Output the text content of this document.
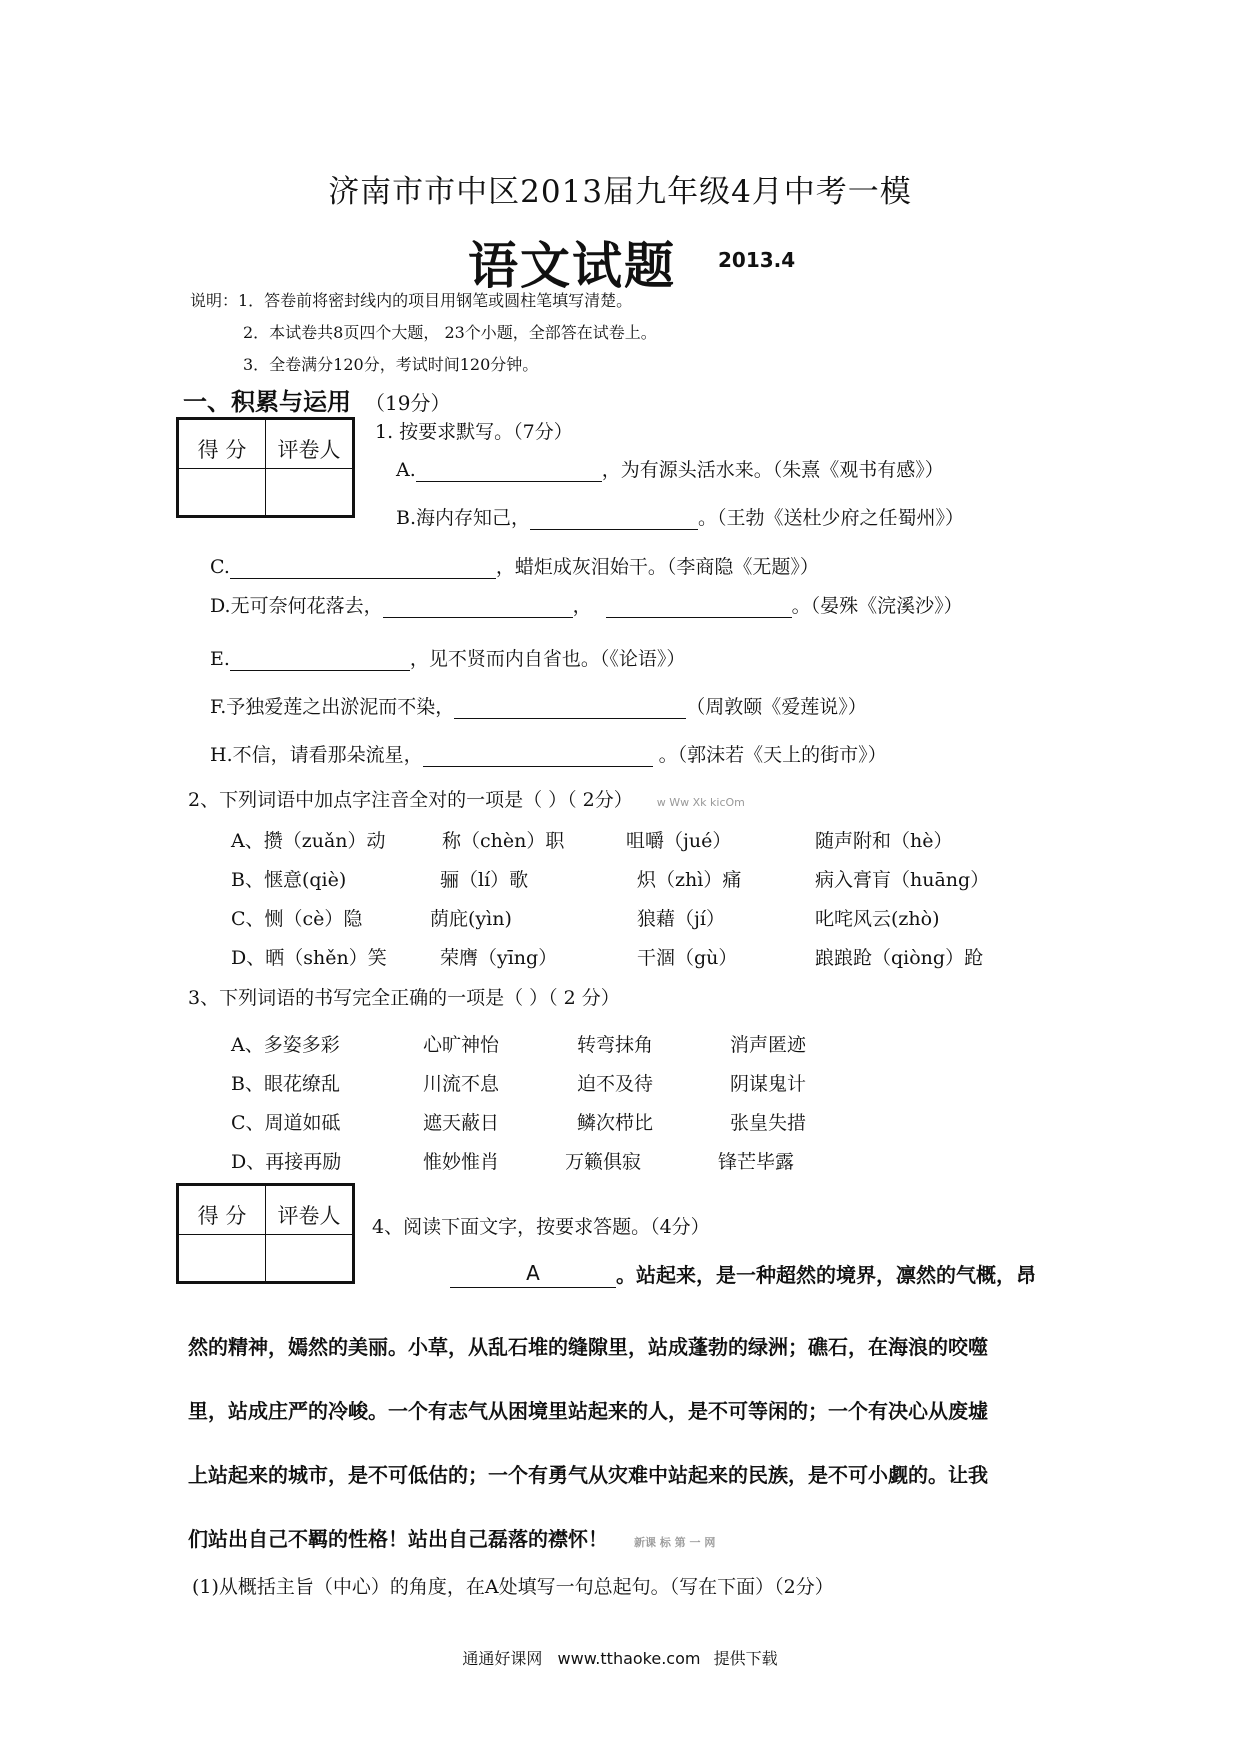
济南市市中区2013届九年级4月中考一模
语文试题 2013.4
说明：1．答卷前将密封线内的项目用钢笔或圆柱笔填写清楚。
2．本试卷共8页四个大题， 23个小题，全部答在试卷上。
3．全卷满分120分，考试时间120分钟。
一、积累与运用 （19分）
得 分	评卷人

1. 按要求默写。（7分）
A.	，为有源头活水来。（朱熹《观书有感》）
B.海内存知己，	。（王勃《送杜少府之任蜀州》）
C.	，蜡炬成灰泪始干。（李商隐《无题》）
D.无可奈何花落去，	，	。（晏殊《浣溪沙》）
E.	，见不贤而内自省也。（《论语》）
F.予独爱莲之出淤泥而不染，	（周敦颐《爱莲说》）
H.不信，请看那朵流星，	。（郭沫若《天上的街市》）
2、下列词语中加点字注音全对的一项是（ ）（ 2分） w Ww Xk kicOm
A、攒（zuǎn）动	称（chèn）职	咀嚼（jué）	随声附和（hè）
B、惬意(qiè)	骊（lí）歌	炽（zhì）痛	病入膏肓（huāng）
C、恻（cè）隐	荫庇(yìn)	狼藉（jí）	叱咤风云(zhò)
D、晒（shěn）笑	荣膺（yīng）	干涸（gù）	踉踉跄（qiòng）跄
3、下列词语的书写完全正确的一项是（ ）（ 2 分）
A、多姿多彩	心旷神怡	转弯抹角	消声匿迹
B、眼花缭乱	川流不息	迫不及待	阴谋鬼计
C、周道如砥	遮天蔽日	鳞次栉比	张皇失措
D、再接再励	惟妙惟肖	万籁俱寂	锋芒毕露
得 分	评卷人
	4、阅读下面文字，按要求答题。（4分）
A	。站起来，是一种超然的境界，凛然的气概，昂
然的精神，嫣然的美丽。小草，从乱石堆的缝隙里，站成蓬勃的绿洲；礁石，在海浪的咬噬
里，站成庄严的冷峻。一个有志气从困境里站起来的人，是不可等闲的；一个有决心从废墟
上站起来的城市，是不可低估的；一个有勇气从灾难中站起来的民族，是不可小觑的。让我
们站出自己不羁的性格！站出自己磊落的襟怀！ 新课 标 第 一 网
(1)从概括主旨（中心）的角度，在A处填写一句总起句。（写在下面）（2分）
通通好课网 www.tthaoke.com 提供下载
